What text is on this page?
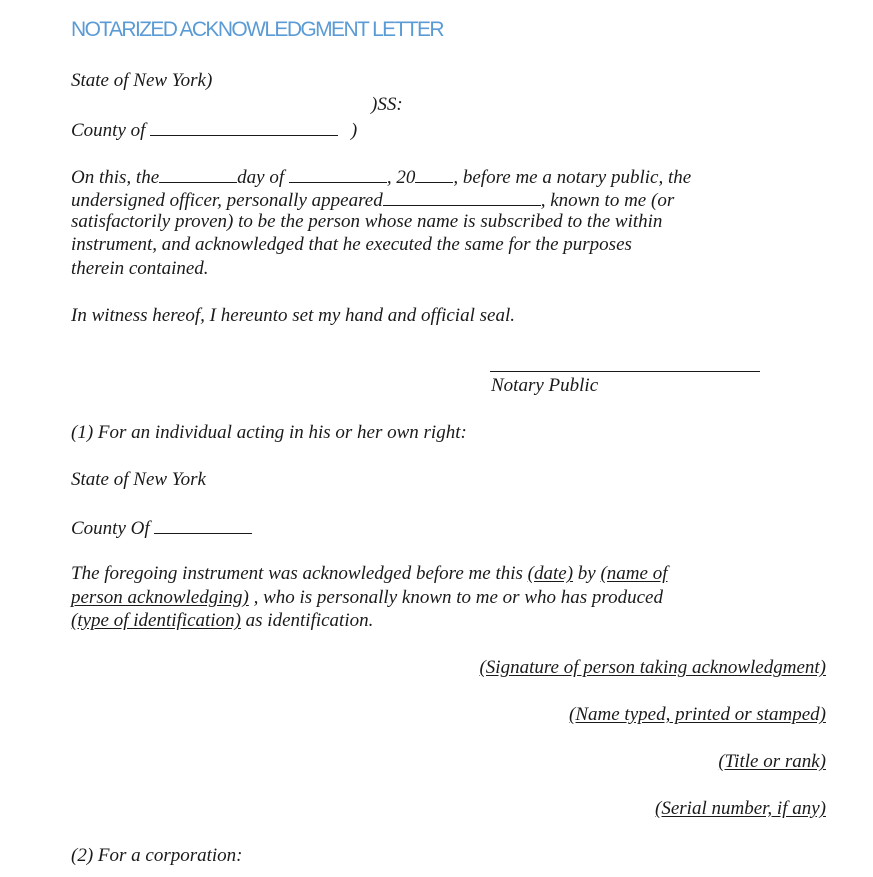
NOTARIZED ACKNOWLEDGMENT LETTER
State of New York)
)SS:
County of	)
On this, the	day of	, 20 , before me a notary public, the
undersigned officer, personally appeared	, known to me (or
satisfactorily proven) to be the person whose name is subscribed to the within
instrument, and acknowledged that he executed the same for the purposes
therein contained.
In witness hereof, I hereunto set my hand and official seal.
Notary Public
(1) For an individual acting in his or her own right:
State of New York
County Of
The foregoing instrument was acknowledged before me this (date) by (name of
person acknowledging) , who is personally known to me or who has produced
(type of identification) as identification.
(Signature of person taking acknowledgment)
(Name typed, printed or stamped)
(Title or rank)
(Serial number, if any)
(2) For a corporation:
